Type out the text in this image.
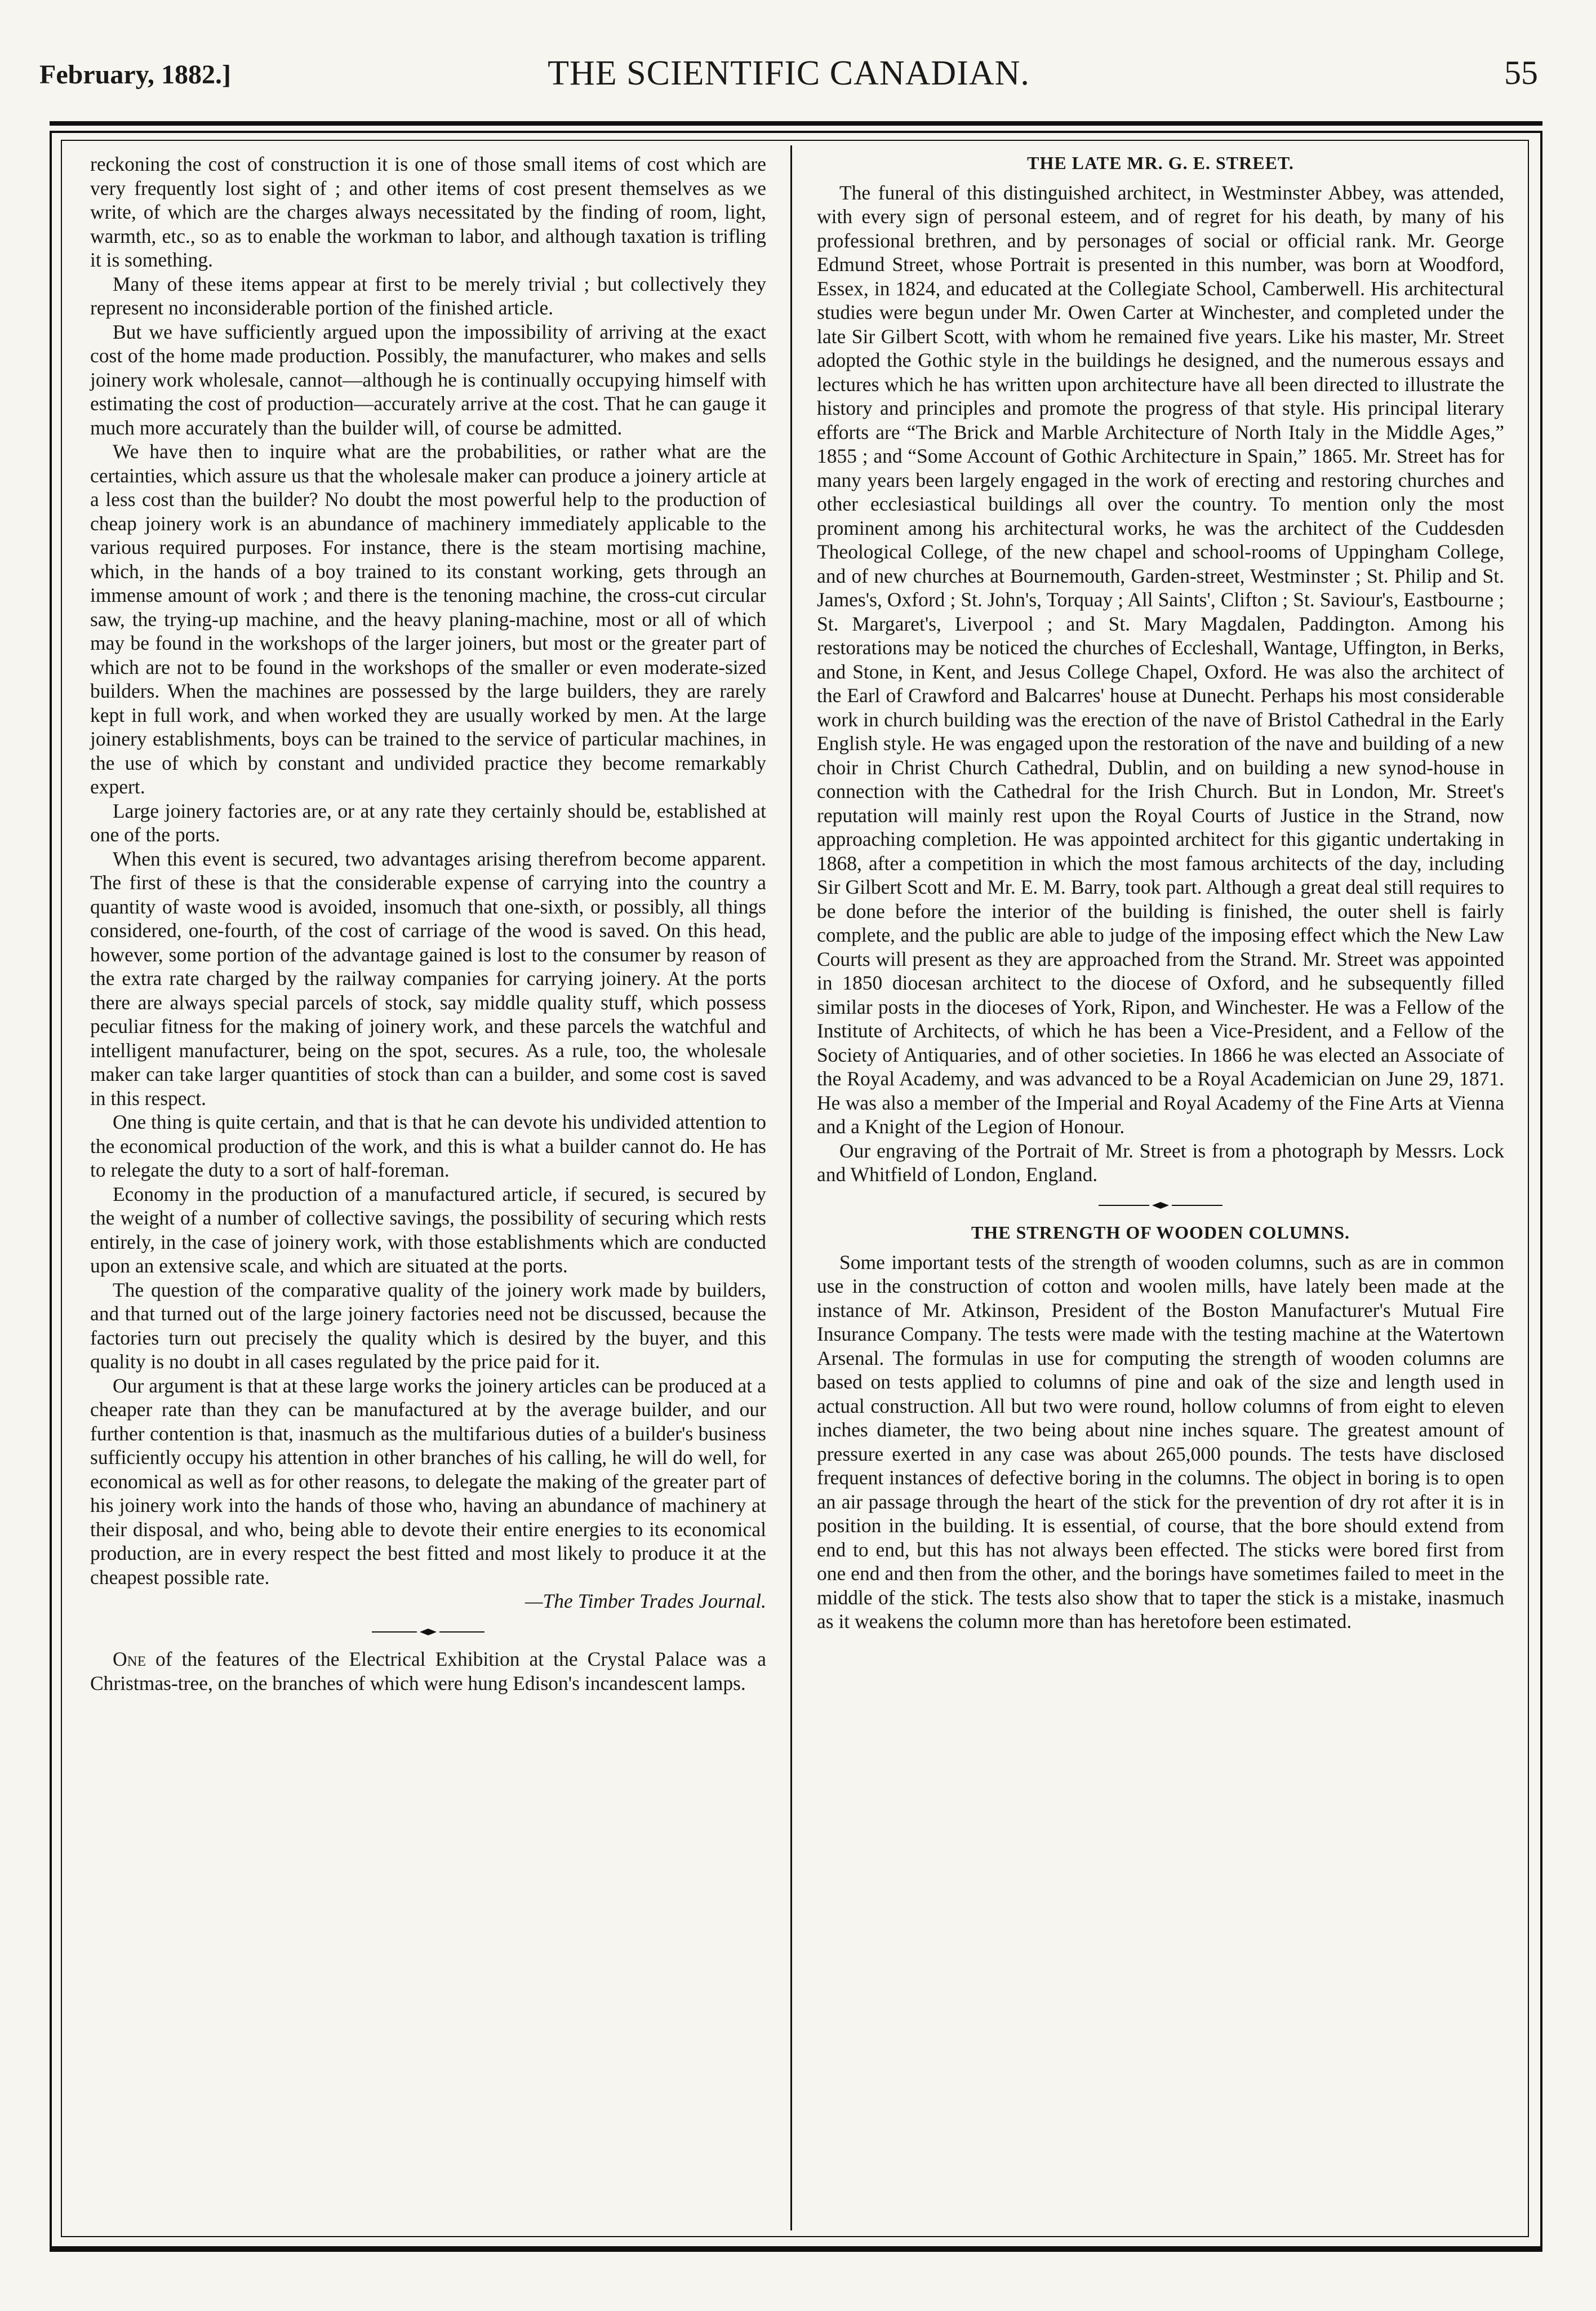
February, 1882.]	THE SCIENTIFIC CANADIAN.	55

reckoning the cost of construction it is one of those small items of cost which are very frequently lost sight of ; and other items of cost present themselves as we write, of which are the charges always necessitated by the finding of room, light, warmth, etc., so as to enable the workman to labor, and although taxation is trifling it is something.

Many of these items appear at first to be merely trivial ; but collectively they represent no inconsiderable portion of the finished article.

But we have sufficiently argued upon the impossibility of arriving at the exact cost of the home made production. Possibly, the manufacturer, who makes and sells joinery work wholesale, cannot—although he is continually occupying himself with estimating the cost of production—accurately arrive at the cost. That he can gauge it much more accurately than the builder will, of course be admitted.

We have then to inquire what are the probabilities, or rather what are the certainties, which assure us that the wholesale maker can produce a joinery article at a less cost than the builder? No doubt the most powerful help to the production of cheap joinery work is an abundance of machinery immediately applicable to the various required purposes. For instance, there is the steam mortising machine, which, in the hands of a boy trained to its constant working, gets through an immense amount of work ; and there is the tenoning machine, the cross-cut circular saw, the trying-up machine, and the heavy planing-machine, most or all of which may be found in the workshops of the larger joiners, but most or the greater part of which are not to be found in the workshops of the smaller or even moderate-sized builders. When the machines are possessed by the large builders, they are rarely kept in full work, and when worked they are usually worked by men. At the large joinery establishments, boys can be trained to the service of particular machines, in the use of which by constant and undivided practice they become remarkably expert.

Large joinery factories are, or at any rate they certainly should be, established at one of the ports.

When this event is secured, two advantages arising therefrom become apparent. The first of these is that the considerable expense of carrying into the country a quantity of waste wood is avoided, insomuch that one-sixth, or possibly, all things considered, one-fourth, of the cost of carriage of the wood is saved. On this head, however, some portion of the advantage gained is lost to the consumer by reason of the extra rate charged by the railway companies for carrying joinery. At the ports there are always special parcels of stock, say middle quality stuff, which possess peculiar fitness for the making of joinery work, and these parcels the watchful and intelligent manufacturer, being on the spot, secures. As a rule, too, the wholesale maker can take larger quantities of stock than can a builder, and some cost is saved in this respect.

One thing is quite certain, and that is that he can devote his undivided attention to the economical production of the work, and this is what a builder cannot do. He has to relegate the duty to a sort of half-foreman.

Economy in the production of a manufactured article, if secured, is secured by the weight of a number of collective savings, the possibility of securing which rests entirely, in the case of joinery work, with those establishments which are conducted upon an extensive scale, and which are situated at the ports.

The question of the comparative quality of the joinery work made by builders, and that turned out of the large joinery factories need not be discussed, because the factories turn out precisely the quality which is desired by the buyer, and this quality is no doubt in all cases regulated by the price paid for it.

Our argument is that at these large works the joinery articles can be produced at a cheaper rate than they can be manufactured at by the average builder, and our further contention is that, inasmuch as the multifarious duties of a builder's business sufficiently occupy his attention in other branches of his calling, he will do well, for economical as well as for other reasons, to delegate the making of the greater part of his joinery work into the hands of those who, having an abundance of machinery at their disposal, and who, being able to devote their entire energies to its economical production, are in every respect the best fitted and most likely to produce it at the cheapest possible rate.

—The Timber Trades Journal.

One of the features of the Electrical Exhibition at the Crystal Palace was a Christmas-tree, on the branches of which were hung Edison's incandescent lamps.

THE LATE MR. G. E. STREET.

The funeral of this distinguished architect, in Westminster Abbey, was attended, with every sign of personal esteem, and of regret for his death, by many of his professional brethren, and by personages of social or official rank. Mr. George Edmund Street, whose Portrait is presented in this number, was born at Woodford, Essex, in 1824, and educated at the Collegiate School, Camberwell. His architectural studies were begun under Mr. Owen Carter at Winchester, and completed under the late Sir Gilbert Scott, with whom he remained five years. Like his master, Mr. Street adopted the Gothic style in the buildings he designed, and the numerous essays and lectures which he has written upon architecture have all been directed to illustrate the history and principles and promote the progress of that style. His principal literary efforts are “The Brick and Marble Architecture of North Italy in the Middle Ages,” 1855 ; and “Some Account of Gothic Architecture in Spain,” 1865. Mr. Street has for many years been largely engaged in the work of erecting and restoring churches and other ecclesiastical buildings all over the country. To mention only the most prominent among his architectural works, he was the architect of the Cuddesden Theological College, of the new chapel and school-rooms of Uppingham College, and of new churches at Bournemouth, Garden-street, Westminster ; St. Philip and St. James's, Oxford ; St. John's, Torquay ; All Saints', Clifton ; St. Saviour's, Eastbourne ; St. Margaret's, Liverpool ; and St. Mary Magdalen, Paddington. Among his restorations may be noticed the churches of Eccleshall, Wantage, Uffington, in Berks, and Stone, in Kent, and Jesus College Chapel, Oxford. He was also the architect of the Earl of Crawford and Balcarres' house at Dunecht. Perhaps his most considerable work in church building was the erection of the nave of Bristol Cathedral in the Early English style. He was engaged upon the restoration of the nave and building of a new choir in Christ Church Cathedral, Dublin, and on building a new synod-house in connection with the Cathedral for the Irish Church. But in London, Mr. Street's reputation will mainly rest upon the Royal Courts of Justice in the Strand, now approaching completion. He was appointed architect for this gigantic undertaking in 1868, after a competition in which the most famous architects of the day, including Sir Gilbert Scott and Mr. E. M. Barry, took part. Although a great deal still requires to be done before the interior of the building is finished, the outer shell is fairly complete, and the public are able to judge of the imposing effect which the New Law Courts will present as they are approached from the Strand. Mr. Street was appointed in 1850 diocesan architect to the diocese of Oxford, and he subsequently filled similar posts in the dioceses of York, Ripon, and Winchester. He was a Fellow of the Institute of Architects, of which he has been a Vice-President, and a Fellow of the Society of Antiquaries, and of other societies. In 1866 he was elected an Associate of the Royal Academy, and was advanced to be a Royal Academician on June 29, 1871. He was also a member of the Imperial and Royal Academy of the Fine Arts at Vienna and a Knight of the Legion of Honour.

Our engraving of the Portrait of Mr. Street is from a photograph by Messrs. Lock and Whitfield of London, England.

THE STRENGTH OF WOODEN COLUMNS.

Some important tests of the strength of wooden columns, such as are in common use in the construction of cotton and woolen mills, have lately been made at the instance of Mr. Atkinson, President of the Boston Manufacturer's Mutual Fire Insurance Company. The tests were made with the testing machine at the Watertown Arsenal. The formulas in use for computing the strength of wooden columns are based on tests applied to columns of pine and oak of the size and length used in actual construction. All but two were round, hollow columns of from eight to eleven inches diameter, the two being about nine inches square. The greatest amount of pressure exerted in any case was about 265,000 pounds. The tests have disclosed frequent instances of defective boring in the columns. The object in boring is to open an air passage through the heart of the stick for the prevention of dry rot after it is in position in the building. It is essential, of course, that the bore should extend from end to end, but this has not always been effected. The sticks were bored first from one end and then from the other, and the borings have sometimes failed to meet in the middle of the stick. The tests also show that to taper the stick is a mistake, inasmuch as it weakens the column more than has heretofore been estimated.
